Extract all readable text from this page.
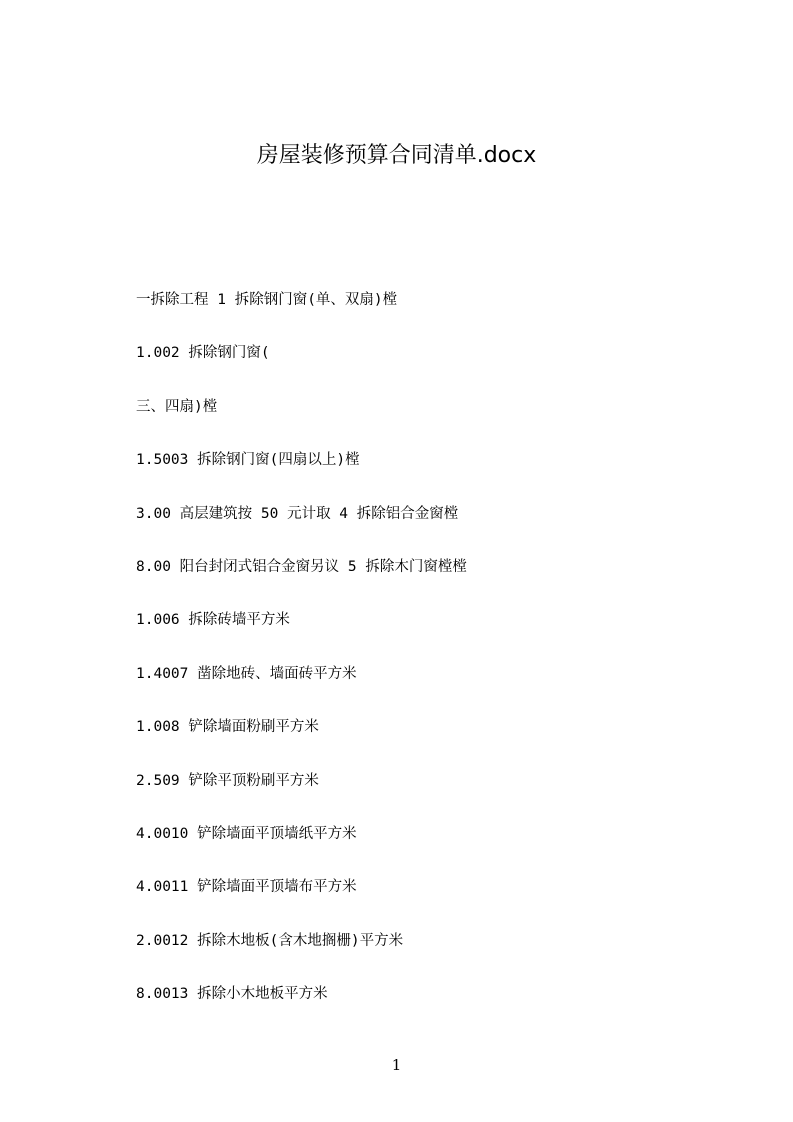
房屋装修预算合同清单.docx
一拆除工程 1 拆除钢门窗(单、双扇)樘
1.002 拆除钢门窗(
三、四扇)樘
1.5003 拆除钢门窗(四扇以上)樘
3.00 高层建筑按 50 元计取 4 拆除铝合金窗樘
8.00 阳台封闭式铝合金窗另议 5 拆除木门窗樘樘
1.006 拆除砖墙平方米
1.4007 凿除地砖、墙面砖平方米
1.008 铲除墙面粉刷平方米
2.509 铲除平顶粉刷平方米
4.0010 铲除墙面平顶墙纸平方米
4.0011 铲除墙面平顶墙布平方米
2.0012 拆除木地板(含木地搁栅)平方米
8.0013 拆除小木地板平方米
1
